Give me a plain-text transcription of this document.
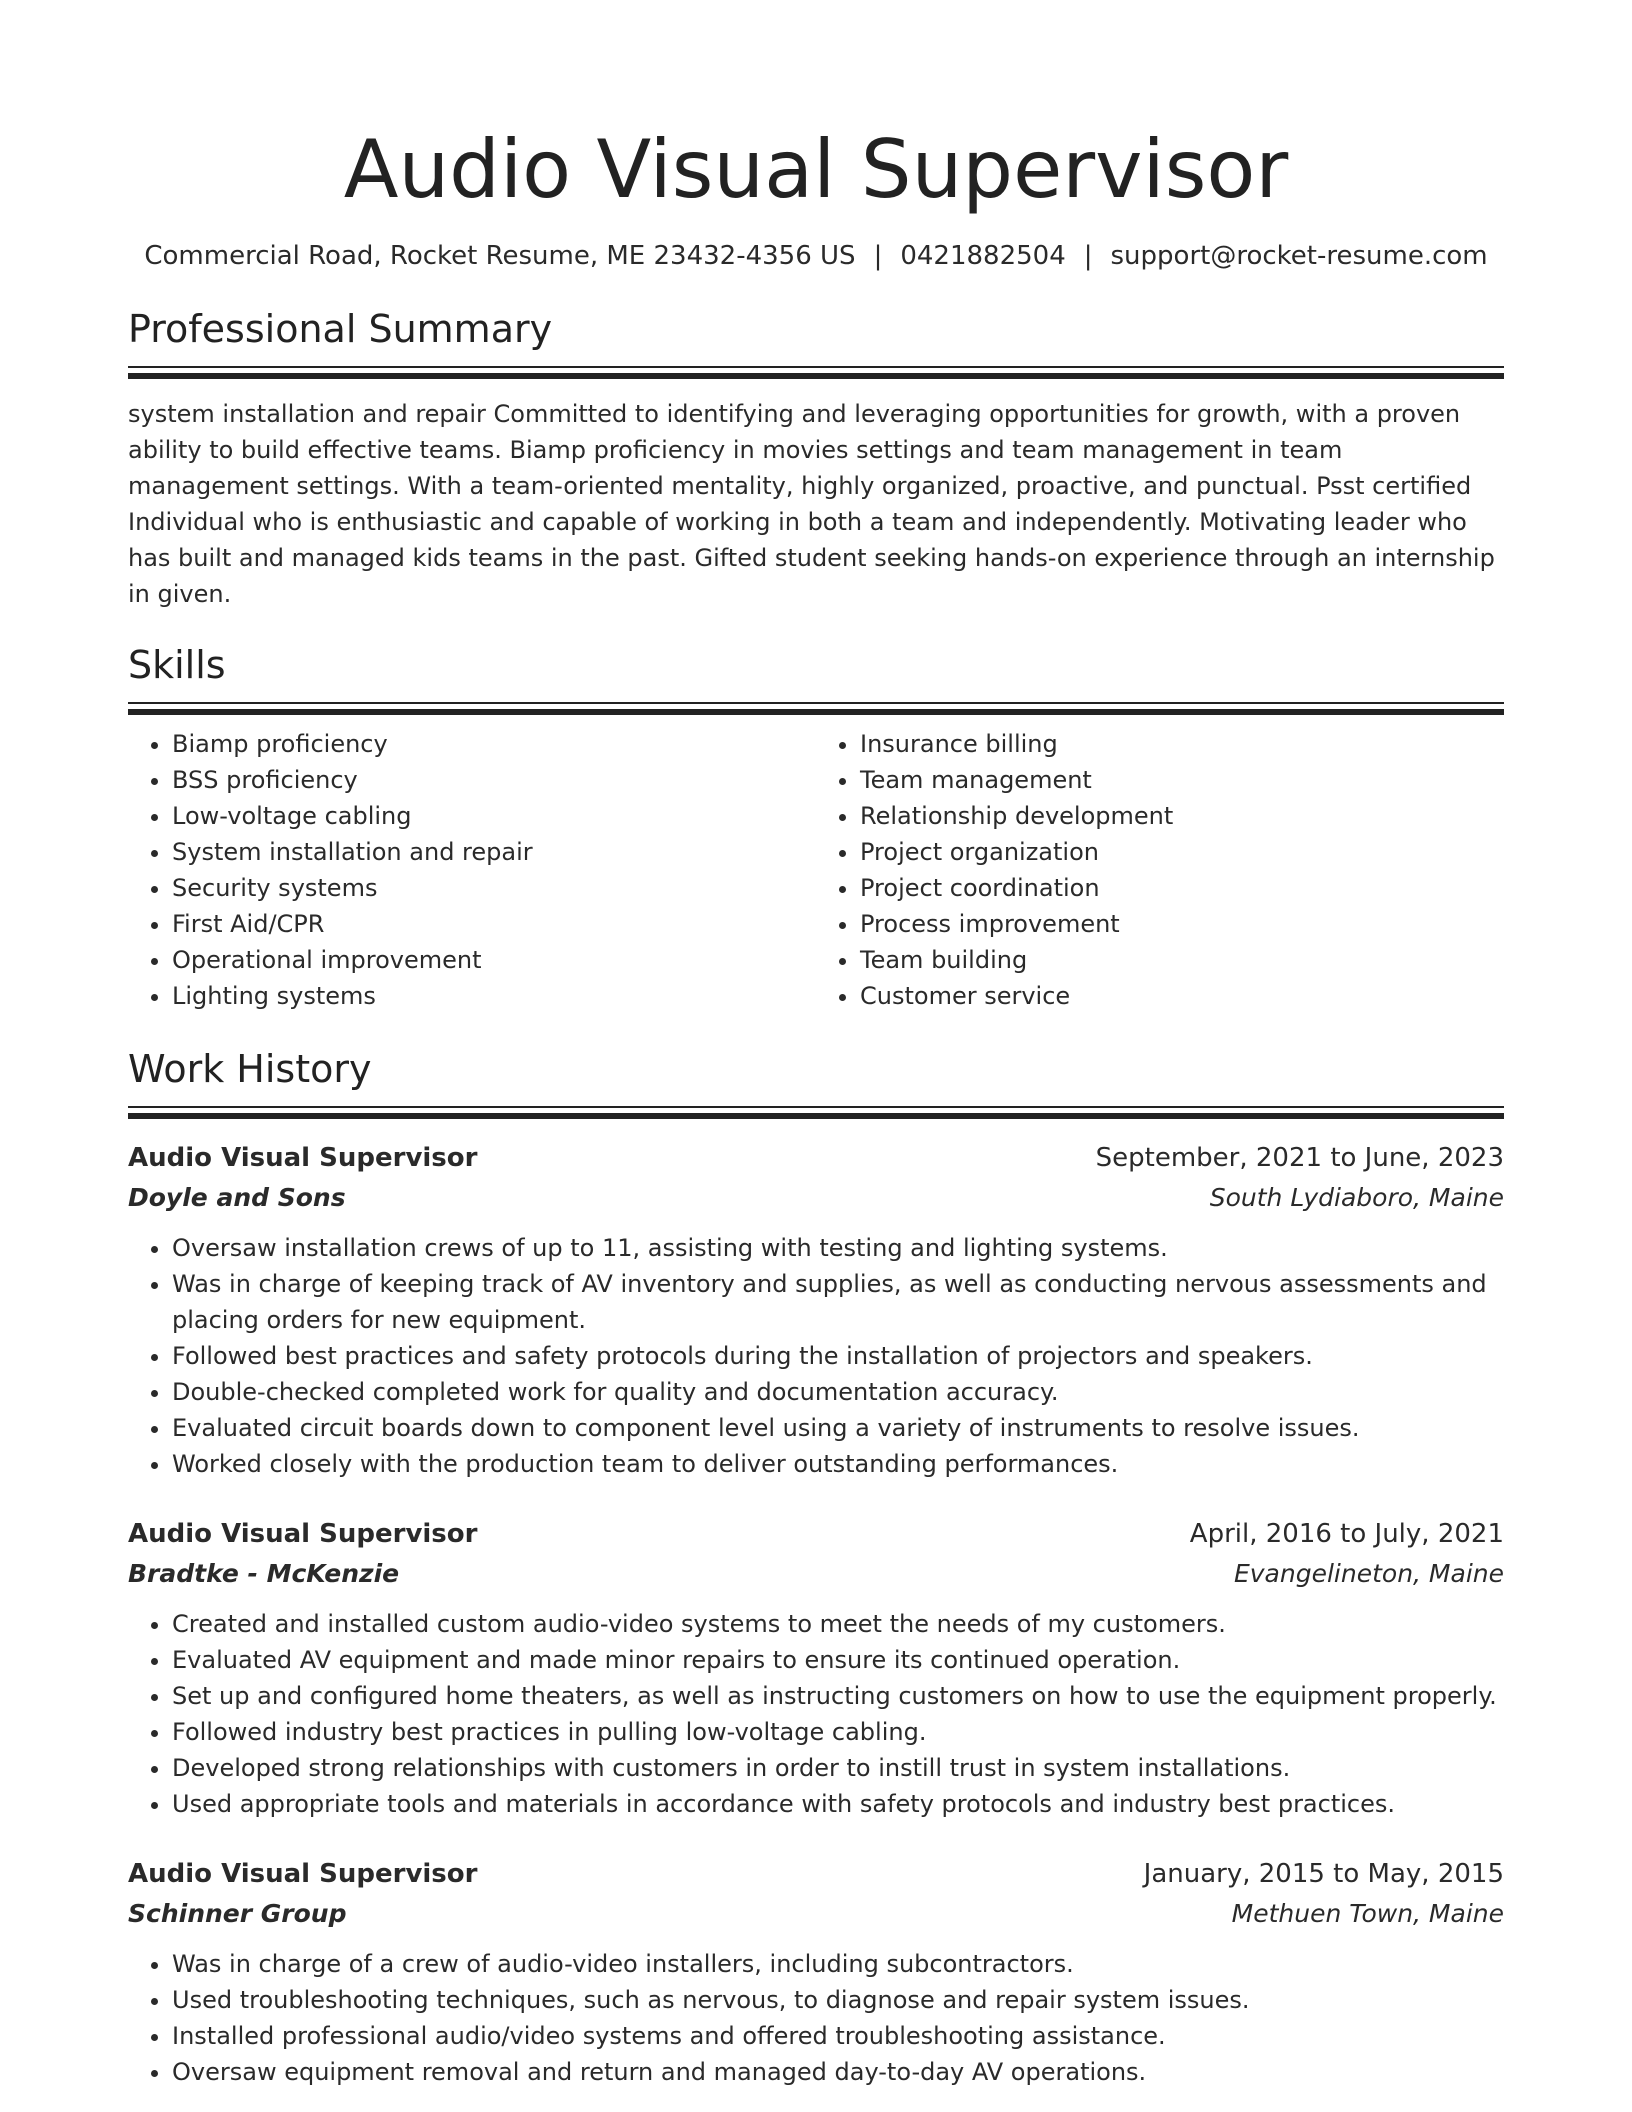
Audio Visual Supervisor
Commercial Road, Rocket Resume, ME 23432-4356 US | 0421882504 | support@rocket-resume.com
Professional Summary

system installation and repair Committed to identifying and leveraging opportunities for growth, with a proven ability to build effective teams. Biamp proficiency in movies settings and team management in team management settings. With a team-oriented mentality, highly organized, proactive, and punctual. Psst certified Individual who is enthusiastic and capable of working in both a team and independently. Motivating leader who has built and managed kids teams in the past. Gifted student seeking hands-on experience through an internship in given.

Skills
• Biamp proficiency
• BSS proficiency
• Low-voltage cabling
• System installation and repair
• Security systems
• First Aid/CPR
• Operational improvement
• Lighting systems
• Insurance billing
• Team management
• Relationship development
• Project organization
• Project coordination
• Process improvement
• Team building
• Customer service
Work History
Audio Visual Supervisor	September, 2021 to June, 2023
Doyle and Sons	South Lydiaboro, Maine
• Oversaw installation crews of up to 11, assisting with testing and lighting systems.
• Was in charge of keeping track of AV inventory and supplies, as well as conducting nervous assessments and placing orders for new equipment.
• Followed best practices and safety protocols during the installation of projectors and speakers.
• Double-checked completed work for quality and documentation accuracy.
• Evaluated circuit boards down to component level using a variety of instruments to resolve issues.
• Worked closely with the production team to deliver outstanding performances.
Audio Visual Supervisor	April, 2016 to July, 2021
Bradtke - McKenzie	Evangelineton, Maine
• Created and installed custom audio-video systems to meet the needs of my customers.
• Evaluated AV equipment and made minor repairs to ensure its continued operation.
• Set up and configured home theaters, as well as instructing customers on how to use the equipment properly.
• Followed industry best practices in pulling low-voltage cabling.
• Developed strong relationships with customers in order to instill trust in system installations.
• Used appropriate tools and materials in accordance with safety protocols and industry best practices.
Audio Visual Supervisor	January, 2015 to May, 2015
Schinner Group	Methuen Town, Maine
• Was in charge of a crew of audio-video installers, including subcontractors.
• Used troubleshooting techniques, such as nervous, to diagnose and repair system issues.
• Installed professional audio/video systems and offered troubleshooting assistance.
• Oversaw equipment removal and return and managed day-to-day AV operations.
